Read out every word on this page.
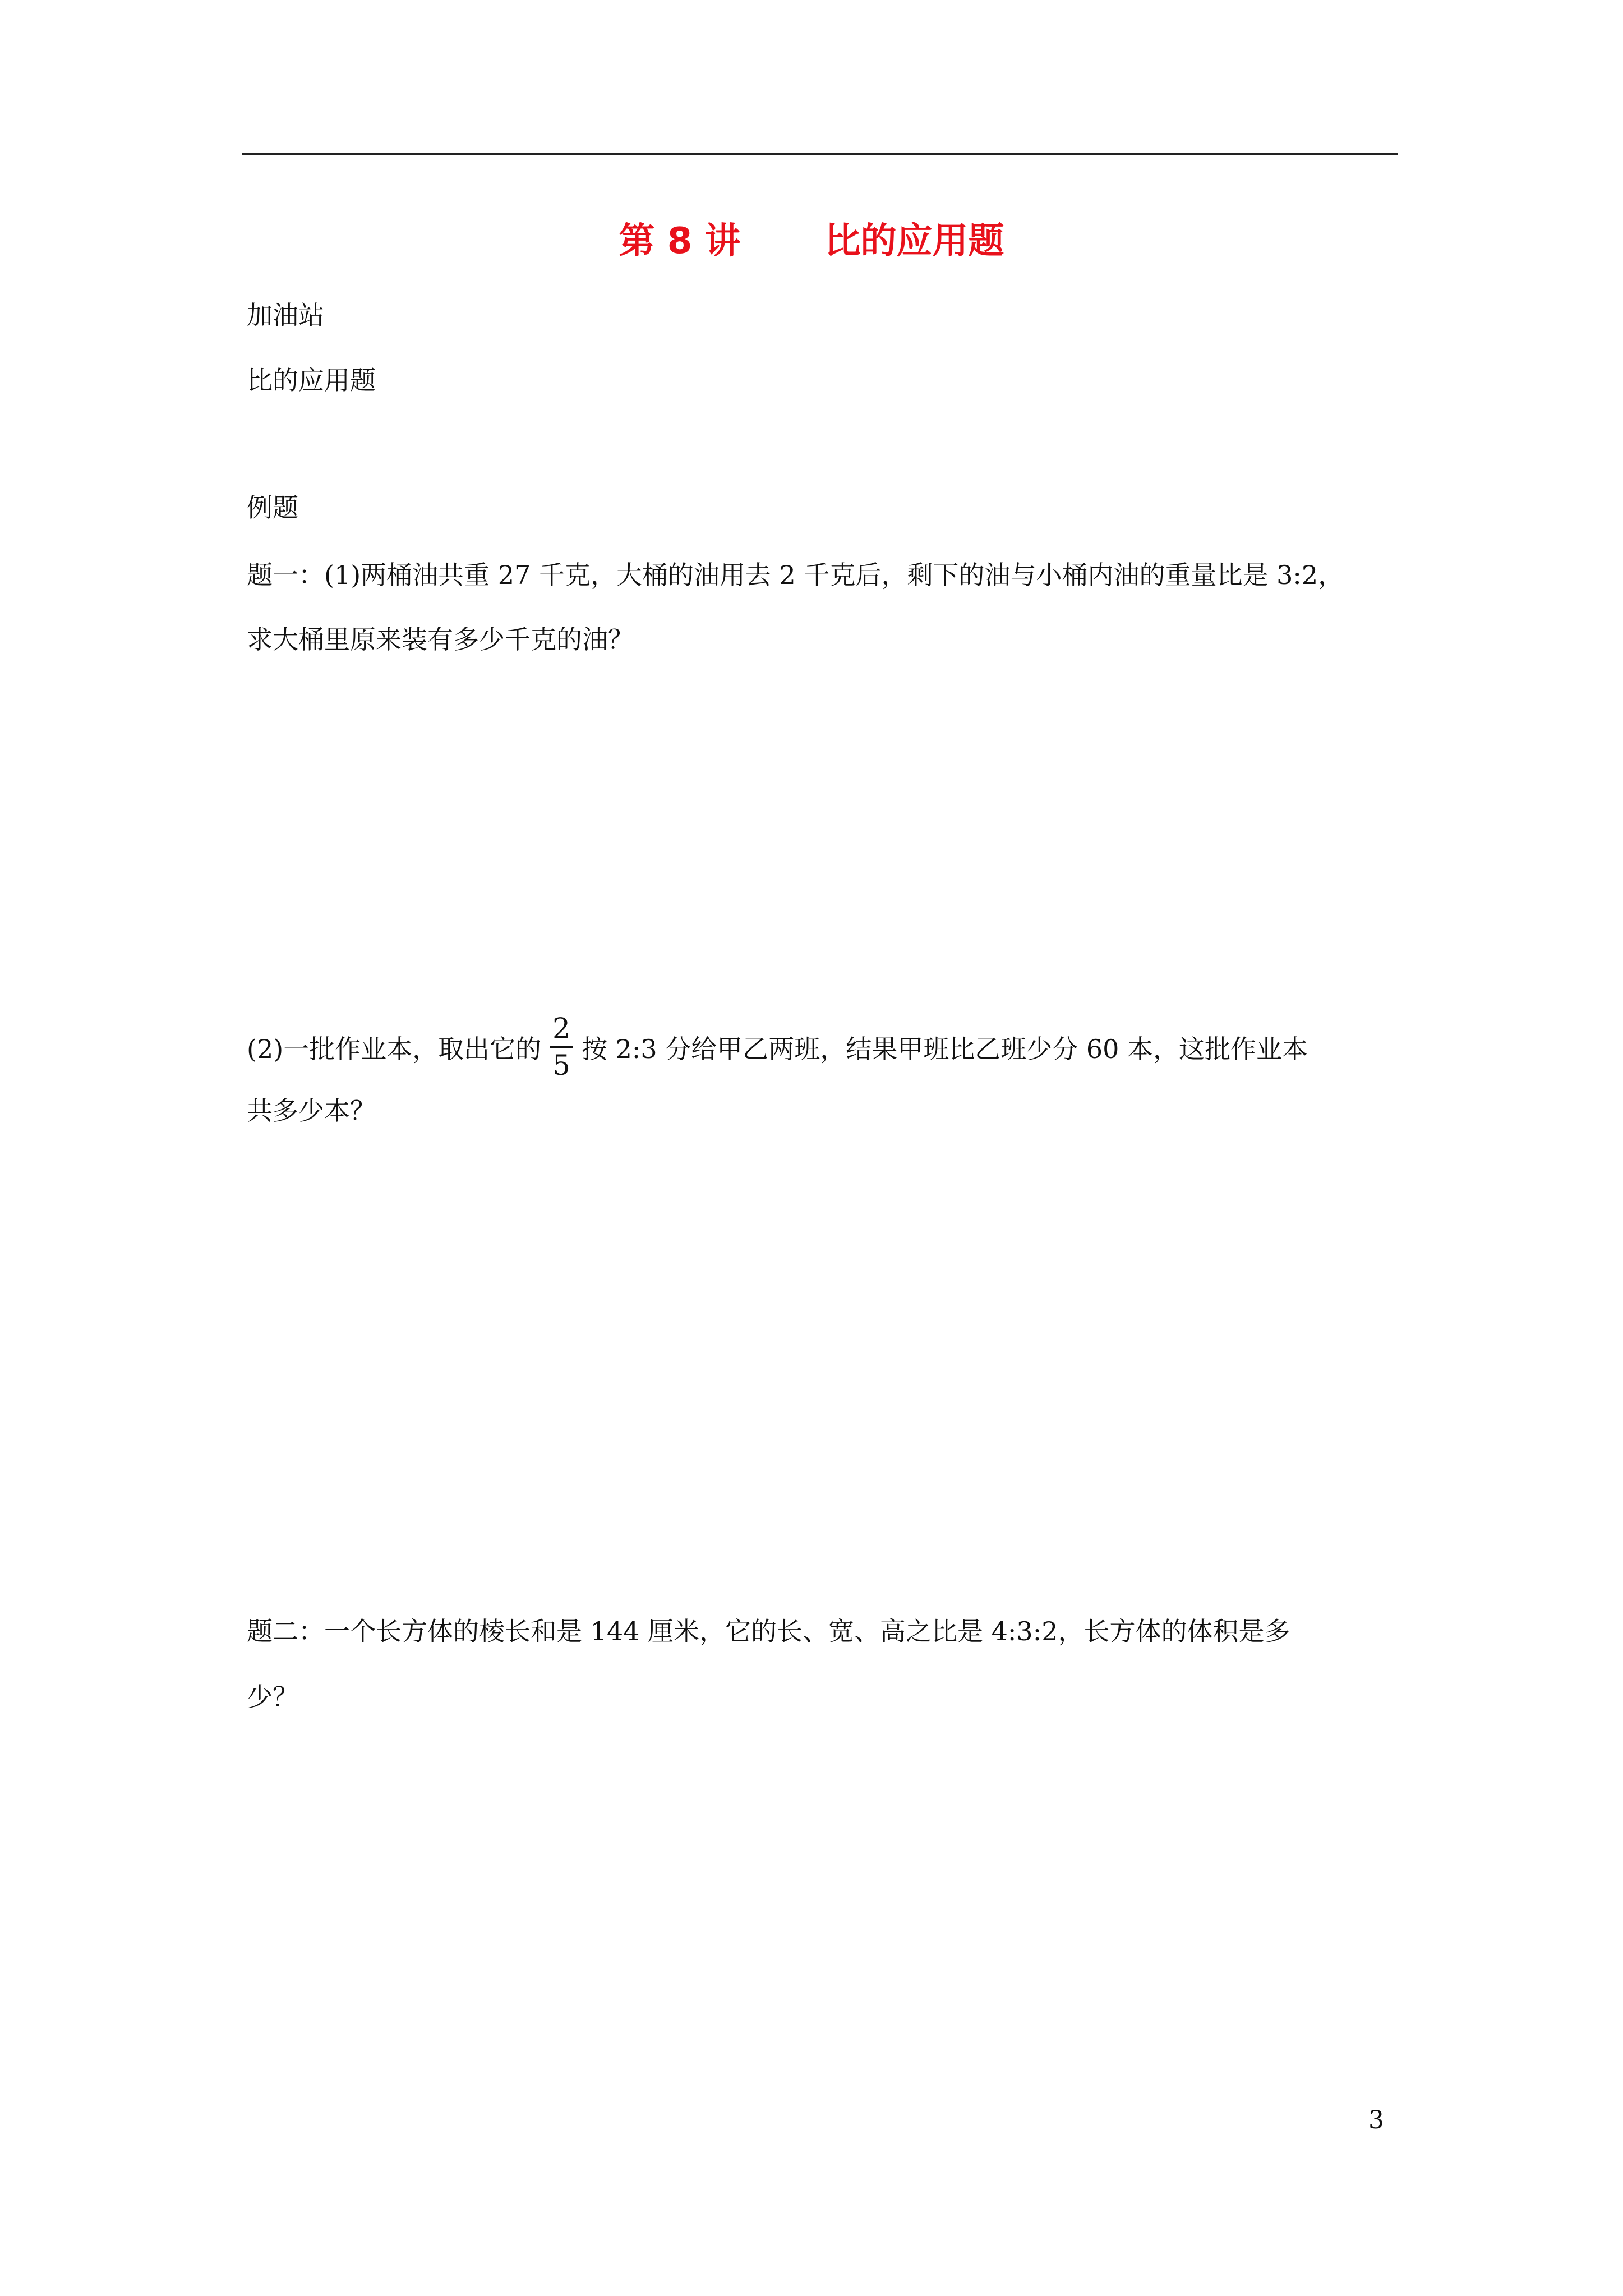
第 8 讲 比的应用题
加油站
比的应用题
例题
题一：(1)两桶油共重 27 千克，大桶的油用去 2 千克后，剩下的油与小桶内油的重量比是 3:2，
求大桶里原来装有多少千克的油？
(2)一批作业本，取出它的 $\frac{2}{5}$ 按 2:3 分给甲乙两班，结果甲班比乙班少分 60 本，这批作业本
共多少本？
题二：一个长方体的棱长和是 144 厘米，它的长、宽、高之比是 4:3:2，长方体的体积是多
少？
3
